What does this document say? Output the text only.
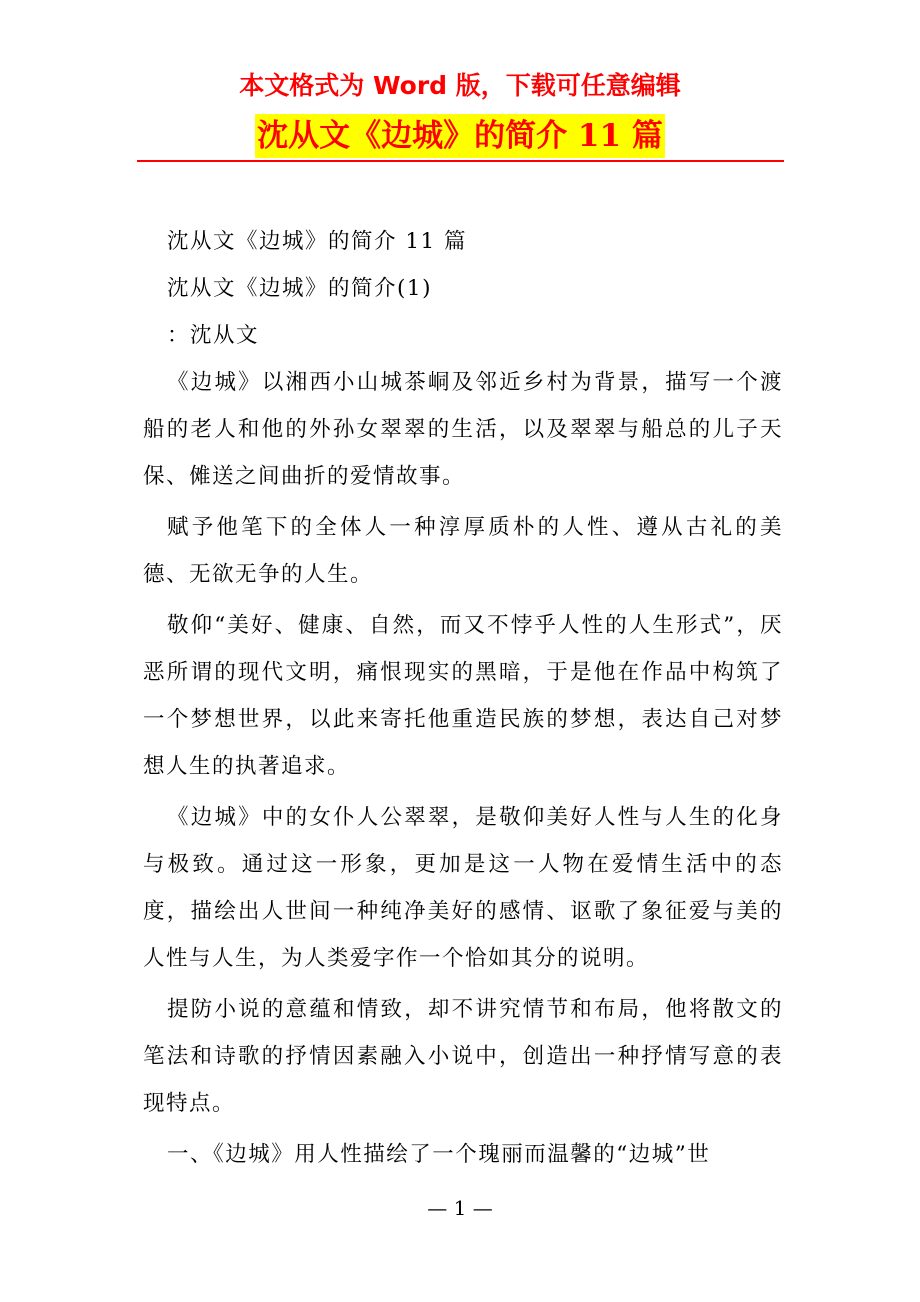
本文格式为 Word 版，下载可任意编辑
沈从文《边城》的简介 11 篇

沈从文《边城》的简介 11 篇

沈从文《边城》的简介(1)

：沈从文

《边城》以湘西小山城茶峒及邻近乡村为背景，描写一个渡船的老人和他的外孙女翠翠的生活，以及翠翠与船总的儿子天保、傩送之间曲折的爱情故事。

赋予他笔下的全体人一种淳厚质朴的人性、遵从古礼的美德、无欲无争的人生。

敬仰“美好、健康、自然，而又不悖乎人性的人生形式”，厌恶所谓的现代文明，痛恨现实的黑暗，于是他在作品中构筑了一个梦想世界，以此来寄托他重造民族的梦想，表达自己对梦想人生的执著追求。

《边城》中的女仆人公翠翠，是敬仰美好人性与人生的化身与极致。通过这一形象，更加是这一人物在爱情生活中的态度，描绘出人世间一种纯净美好的感情、讴歌了象征爱与美的人性与人生，为人类爱字作一个恰如其分的说明。

提防小说的意蕴和情致，却不讲究情节和布局，他将散文的笔法和诗歌的抒情因素融入小说中，创造出一种抒情写意的表现特点。

一、《边城》用人性描绘了一个瑰丽而温馨的“边城”世

— 1 —
